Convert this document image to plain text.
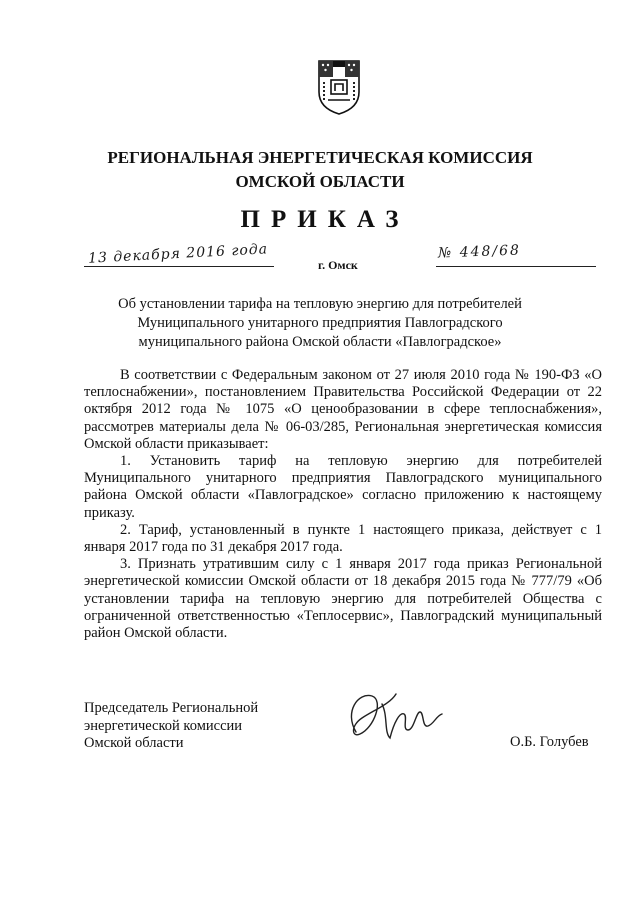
РЕГИОНАЛЬНАЯ ЭНЕРГЕТИЧЕСКАЯ КОМИССИЯ
ОМСКОЙ ОБЛАСТИ
ПРИКАЗ
13 декабря 2016 года	г. Омск
№ 448/68
Об установлении тарифа на тепловую энергию для потребителей
Муниципального унитарного предприятия Павлоградского
муниципального района Омской области «Павлоградское»

В соответствии с Федеральным законом от 27 июля 2010 года № 190-ФЗ «О теплоснабжении», постановлением Правительства Российской Федерации от 22 октября 2012 года № 1075 «О ценообразовании в сфере теплоснабжения», рассмотрев материалы дела № 06-03/285, Региональная энергетическая комиссия Омской области приказывает:

1. Установить тариф на тепловую энергию для потребителей Муниципального унитарного предприятия Павлоградского муниципального района Омской области «Павлоградское» согласно приложению к настоящему приказу.

2. Тариф, установленный в пункте 1 настоящего приказа, действует с 1 января 2017 года по 31 декабря 2017 года.

3. Признать утратившим силу с 1 января 2017 года приказ Региональной энергетической комиссии Омской области от 18 декабря 2015 года № 777/79 «Об установлении тарифа на тепловую энергию для потребителей Общества с ограниченной ответственностью «Теплосервис», Павлоградский муниципальный район Омской области.

Председатель Региональной
энергетической комиссии
Омской области	О.Б. Голубев
